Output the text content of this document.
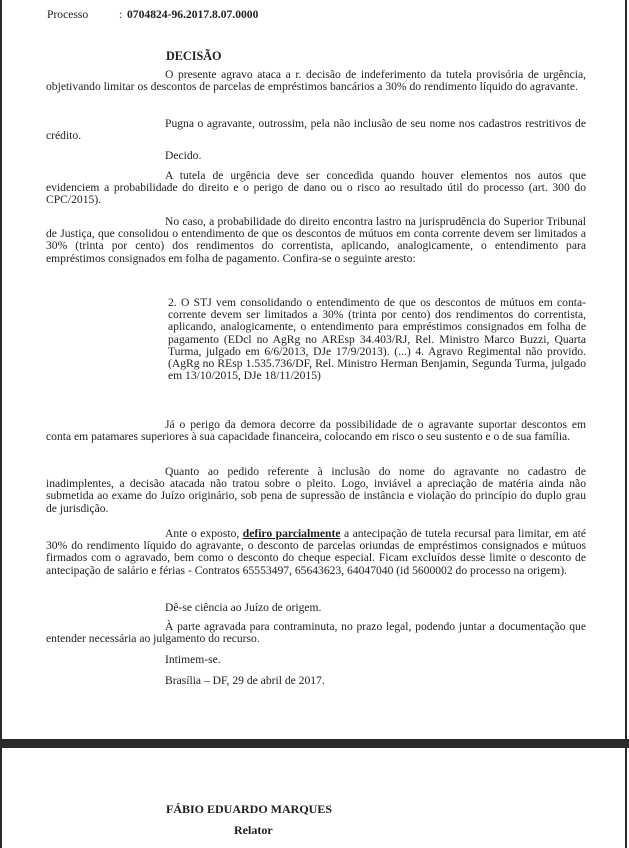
Processo	: 0704824-96.2017.8.07.0000
DECISÃO
O presente agravo ataca a r. decisão de indeferimento da tutela provisória de urgência, objetivando limitar os descontos de parcelas de empréstimos bancários a 30% do rendimento líquido do agravante.
Pugna o agravante, outrossim, pela não inclusão de seu nome nos cadastros restritivos de crédito.
Decido.
A tutela de urgência deve ser concedida quando houver elementos nos autos que evidenciem a probabilidade do direito e o perigo de dano ou o risco ao resultado útil do processo (art. 300 do CPC/2015).
No caso, a probabilidade do direito encontra lastro na jurisprudência do Superior Tribunal de Justiça, que consolidou o entendimento de que os descontos de mútuos em conta corrente devem ser limitados a 30% (trinta por cento) dos rendimentos do correntista, aplicando, analogicamente, o entendimento para empréstimos consignados em folha de pagamento. Confira-se o seguinte aresto:
2. O STJ vem consolidando o entendimento de que os descontos de mútuos em conta-corrente devem ser limitados a 30% (trinta por cento) dos rendimentos do correntista, aplicando, analogicamente, o entendimento para empréstimos consignados em folha de pagamento (EDcl no AgRg no AREsp 34.403/RJ, Rel. Ministro Marco Buzzi, Quarta Turma, julgado em 6/6/2013, DJe 17/9/2013). (...) 4. Agravo Regimental não provido. (AgRg no REsp 1.535.736/DF, Rel. Ministro Herman Benjamin, Segunda Turma, julgado em 13/10/2015, DJe 18/11/2015)
Já o perigo da demora decorre da possibilidade de o agravante suportar descontos em conta em patamares superiores à sua capacidade financeira, colocando em risco o seu sustento e o de sua família.
Quanto ao pedido referente à inclusão do nome do agravante no cadastro de inadimplentes, a decisão atacada não tratou sobre o pleito. Logo, inviável a apreciação de matéria ainda não submetida ao exame do Juízo originário, sob pena de supressão de instância e violação do princípio do duplo grau de jurisdição.
Ante o exposto, defiro parcialmente a antecipação de tutela recursal para limitar, em até 30% do rendimento líquido do agravante, o desconto de parcelas oriundas de empréstimos consignados e mútuos firmados com o agravado, bem como o desconto do cheque especial. Ficam excluídos desse limite o desconto de antecipação de salário e férias - Contratos 65553497, 65643623, 64047040 (id 5600002 do processo na origem).
Dê-se ciência ao Juízo de origem.
À parte agravada para contraminuta, no prazo legal, podendo juntar a documentação que entender necessária ao julgamento do recurso.
Intimem-se.
Brasília – DF, 29 de abril de 2017.
FÁBIO EDUARDO MARQUES
Relator
